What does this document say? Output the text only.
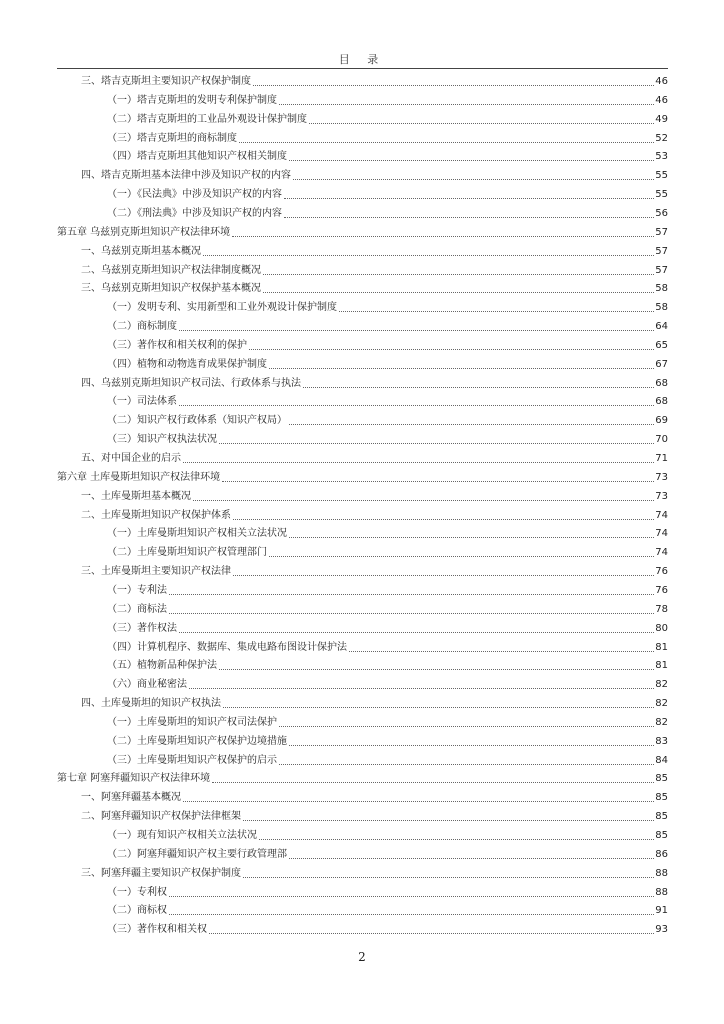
目 录
三、塔吉克斯坦主要知识产权保护制度	46
（一）塔吉克斯坦的发明专利保护制度	46
（二）塔吉克斯坦的工业品外观设计保护制度	49
（三）塔吉克斯坦的商标制度	52
（四）塔吉克斯坦其他知识产权相关制度	53
四、塔吉克斯坦基本法律中涉及知识产权的内容	55
（一）《民法典》中涉及知识产权的内容	55
（二）《刑法典》中涉及知识产权的内容	56
第五章 乌兹别克斯坦知识产权法律环境	57
一、乌兹别克斯坦基本概况	57
二、乌兹别克斯坦知识产权法律制度概况	57
三、乌兹别克斯坦知识产权保护基本概况	58
（一）发明专利、实用新型和工业外观设计保护制度	58
（二）商标制度	64
（三）著作权和相关权利的保护	65
（四）植物和动物选育成果保护制度	67
四、乌兹别克斯坦知识产权司法、行政体系与执法	68
（一）司法体系	68
（二）知识产权行政体系（知识产权局）	69
（三）知识产权执法状况	70
五、对中国企业的启示	71
第六章 土库曼斯坦知识产权法律环境	73
一、土库曼斯坦基本概况	73
二、土库曼斯坦知识产权保护体系	74
（一）土库曼斯坦知识产权相关立法状况	74
（二）土库曼斯坦知识产权管理部门	74
三、土库曼斯坦主要知识产权法律	76
（一）专利法	76
（二）商标法	78
（三）著作权法	80
（四）计算机程序、数据库、集成电路布图设计保护法	81
（五）植物新品种保护法	81
（六）商业秘密法	82
四、土库曼斯坦的知识产权执法	82
（一）土库曼斯坦的知识产权司法保护	82
（二）土库曼斯坦知识产权保护边境措施	83
（三）土库曼斯坦知识产权保护的启示	84
第七章 阿塞拜疆知识产权法律环境	85
一、阿塞拜疆基本概况	85
二、阿塞拜疆知识产权保护法律框架	85
（一）现有知识产权相关立法状况	85
（二）阿塞拜疆知识产权主要行政管理部	86
三、阿塞拜疆主要知识产权保护制度	88
（一）专利权	88
（二）商标权	91
（三）著作权和相关权	93
2
